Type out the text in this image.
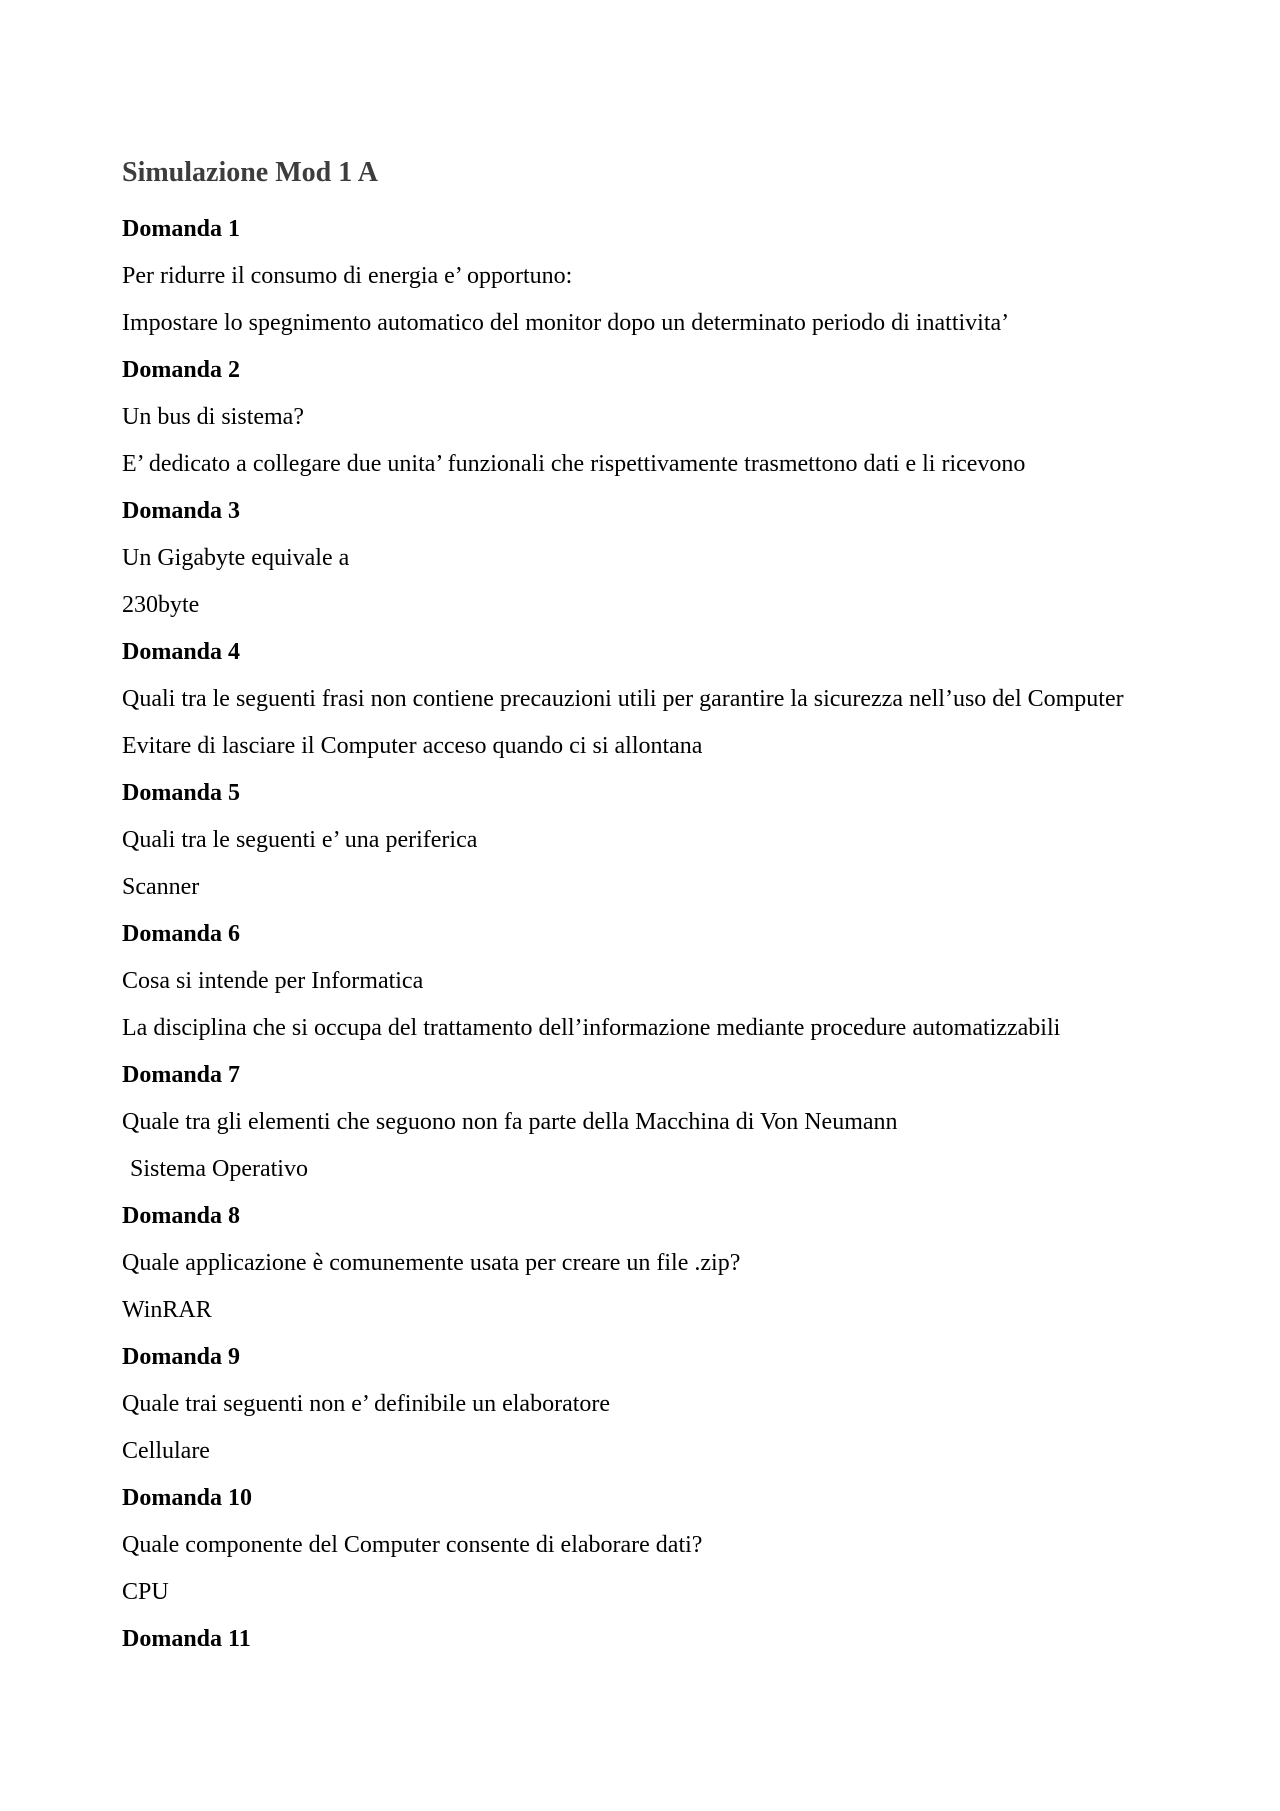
Simulazione Mod 1 A
Domanda 1
Per ridurre il consumo di energia e’ opportuno:
Impostare lo spegnimento automatico del monitor dopo un determinato periodo di inattivita’
Domanda 2
Un bus di sistema?
E’ dedicato a collegare due unita’ funzionali che rispettivamente trasmettono dati e li ricevono
Domanda 3
Un Gigabyte equivale a
230byte
Domanda 4
Quali tra le seguenti frasi non contiene precauzioni utili per garantire la sicurezza nell’uso del Computer
Evitare di lasciare il Computer acceso quando ci si allontana
Domanda 5
Quali tra le seguenti e’ una periferica
Scanner
Domanda 6
Cosa si intende per Informatica
La disciplina che si occupa del trattamento dell’informazione mediante procedure automatizzabili
Domanda 7
Quale tra gli elementi che seguono non fa parte della Macchina di Von Neumann
Sistema Operativo
Domanda 8
Quale applicazione è comunemente usata per creare un file .zip?
WinRAR
Domanda 9
Quale trai seguenti non e’ definibile un elaboratore
Cellulare
Domanda 10
Quale componente del Computer consente di elaborare dati?
CPU
Domanda 11
